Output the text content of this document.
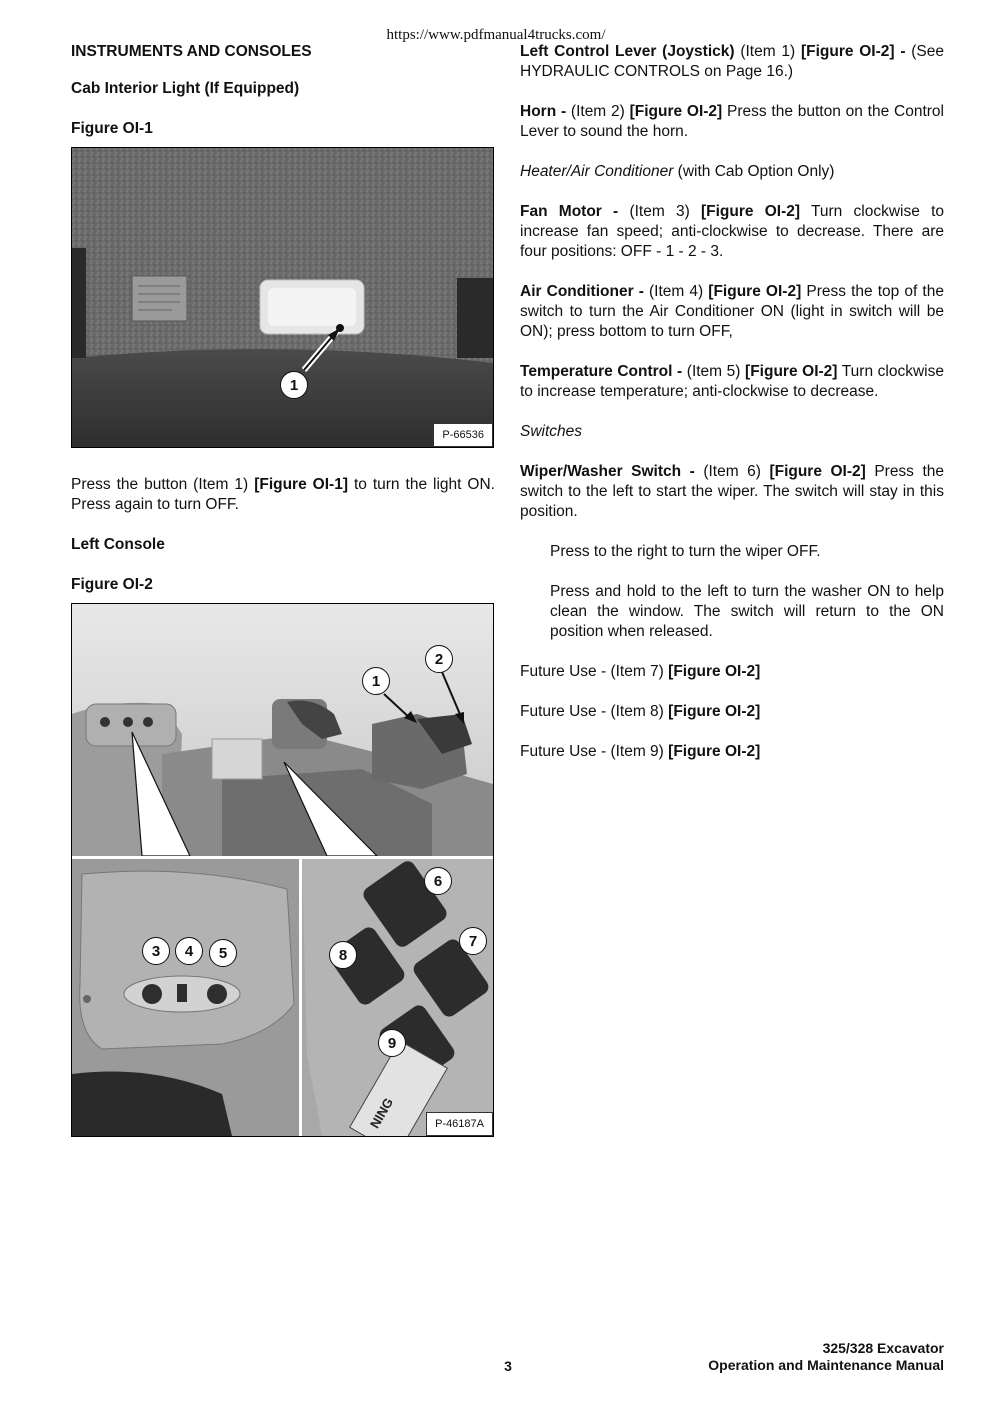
https://www.pdfmanual4trucks.com/
INSTRUMENTS AND CONSOLES
Cab Interior Light (If Equipped)
Figure OI-1
1
P-66536

Press the button (Item 1) [Figure OI-1] to turn the light ON. Press again to turn OFF.

Left Console
Figure OI-2
NING
1
2
3	4	5
6
7
8
9
P-46187A

Left Control Lever (Joystick) (Item 1) [Figure OI-2] - (See HYDRAULIC CONTROLS on Page 16.)

Horn - (Item 2) [Figure OI-2] Press the button on the Control Lever to sound the horn.

Heater/Air Conditioner (with Cab Option Only)

Fan Motor - (Item 3) [Figure OI-2] Turn clockwise to increase fan speed; anti-clockwise to decrease. There are four positions: OFF - 1 - 2 - 3.

Air Conditioner - (Item 4) [Figure OI-2] Press the top of the switch to turn the Air Conditioner ON (light in switch will be ON); press bottom to turn OFF,

Temperature Control - (Item 5) [Figure OI-2] Turn clockwise to increase temperature; anti-clockwise to decrease.

Switches

Wiper/Washer Switch - (Item 6) [Figure OI-2] Press the switch to the left to start the wiper. The switch will stay in this position.

Press to the right to turn the wiper OFF.

Press and hold to the left to turn the washer ON to help clean the window. The switch will return to the ON position when released.

Future Use - (Item 7) [Figure OI-2]

Future Use - (Item 8) [Figure OI-2]

Future Use - (Item 9) [Figure OI-2]

3
325/328 Excavator
Operation and Maintenance Manual
